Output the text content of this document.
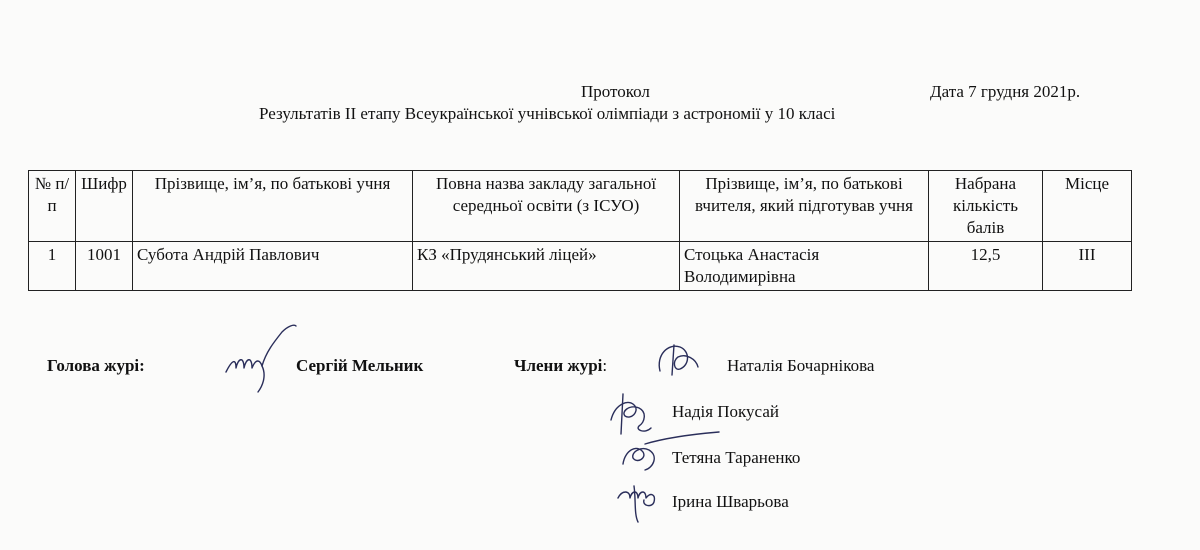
Протокол	Дата 7 грудня 2021р.
Результатів ІІ етапу Всеукраїнської учнівської олімпіади з астрономії у 10 класі
№ п/п	Шифр	Прізвище, ім’я, по батькові учня	Повна назва закладу загальної середньої освіти (з ІСУО)	Прізвище, ім’я, по батькові вчителя, який підготував учня	Набрана кількість балів	Місце
1	1001	Субота Андрій Павлович	КЗ «Прудянський ліцей»	Стоцька Анастасія Володимирівна	12,5	ІІІ
Голова журі:	Сергій Мельник	Члени журі:	Наталія Бочарнікова
Надія Покусай
Тетяна Тараненко
Ірина Шварьова
